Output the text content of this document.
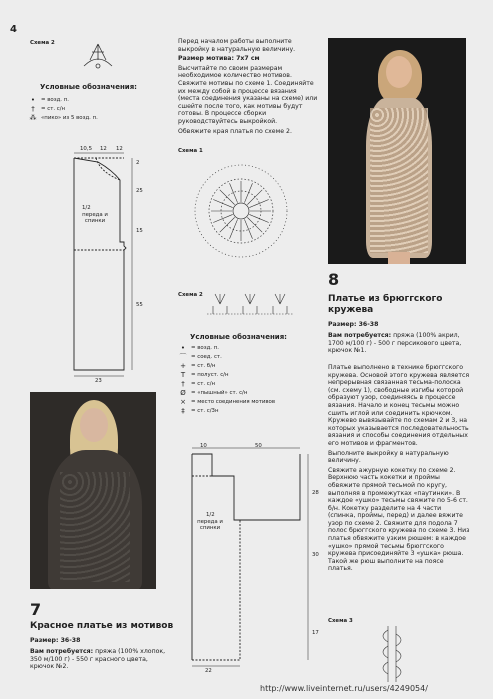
4
Схема 2
Условные обозначения:
•	= возд. п.
†	= ст. с/н
⁂ «пико» из 5 возд. п.
10,5 12 12
2
25
15
55
23
1/2
переда и спинки
7
Красное платье из мотивов
Размер: 36-38
Вам потребуется: пряжа (100% хлопок, 350 м/100 г) - 550 г красного цвета, крючок №2.

Перед началом работы выполните выкройку в натуральную величину.

Размер мотива: 7х7 см

Высчитайте по своим размерам необходимое количество мотивов. Свяжите мотивы по схеме 1. Соединяйте их между собой в процессе вязания (места соединения указаны на схеме) или сшейте после того, как мотивы будут готовы. В процессе сборки руководствуйтесь выкройкой.

Обвяжите края платья по схеме 2.

Схема 1
Схема 2
Условные обозначения:
•	= возд. п.
⌒ = соед. ст.
+ = ст. б/н
T	= полуст. с/н
†	= ст. с/н
Ø = «пышный» ст. с/н
× = место соединения мотивов
‡	= ст. с/3н
10	50
28
30
17
22
1/2
переда и спинки
8
Платье из брюггского кружева
Размер: 36-38
Вам потребуется: пряжа (100% акрил, 1700 м/100 г) - 500 г персикового цвета, крючок №1.

Платье выполнено в технике брюггского кружева. Основой этого кружева является непрерывная связанная тесьма-полоска (см. схему 1), свободные изгибы которой образуют узор, соединяясь в процессе вязания. Начало и конец тесьмы можно сшить иглой или соединить крючком. Кружево вывязывайте по схемам 2 и 3, на которых указывается последовательность вязания и способы соединения отдельных его мотивов и фрагментов.

Выполните выкройку в натуральную величину.

Свяжите ажурную кокетку по схеме 2. Верхнюю часть кокетки и проймы обвяжите прямой тесьмой по кругу, выполняя в промежутках «паутинки». В каждое «ушко» тесьмы свяжите по 5-6 ст. б/н. Кокетку разделите на 4 части (спинка, проймы, перед) и далее вяжите узор по схеме 2. Свяжите для подола 7 полос брюггского кружева по схеме 3. Низ платья обвяжите узким рюшем: в каждое «ушко» прямой тесьмы брюггского кружева присоединяйте 3 «ушка» рюша. Такой же рюш выполните на поясе платья.

Схема 3
http://www.liveinternet.ru/users/4249054/
